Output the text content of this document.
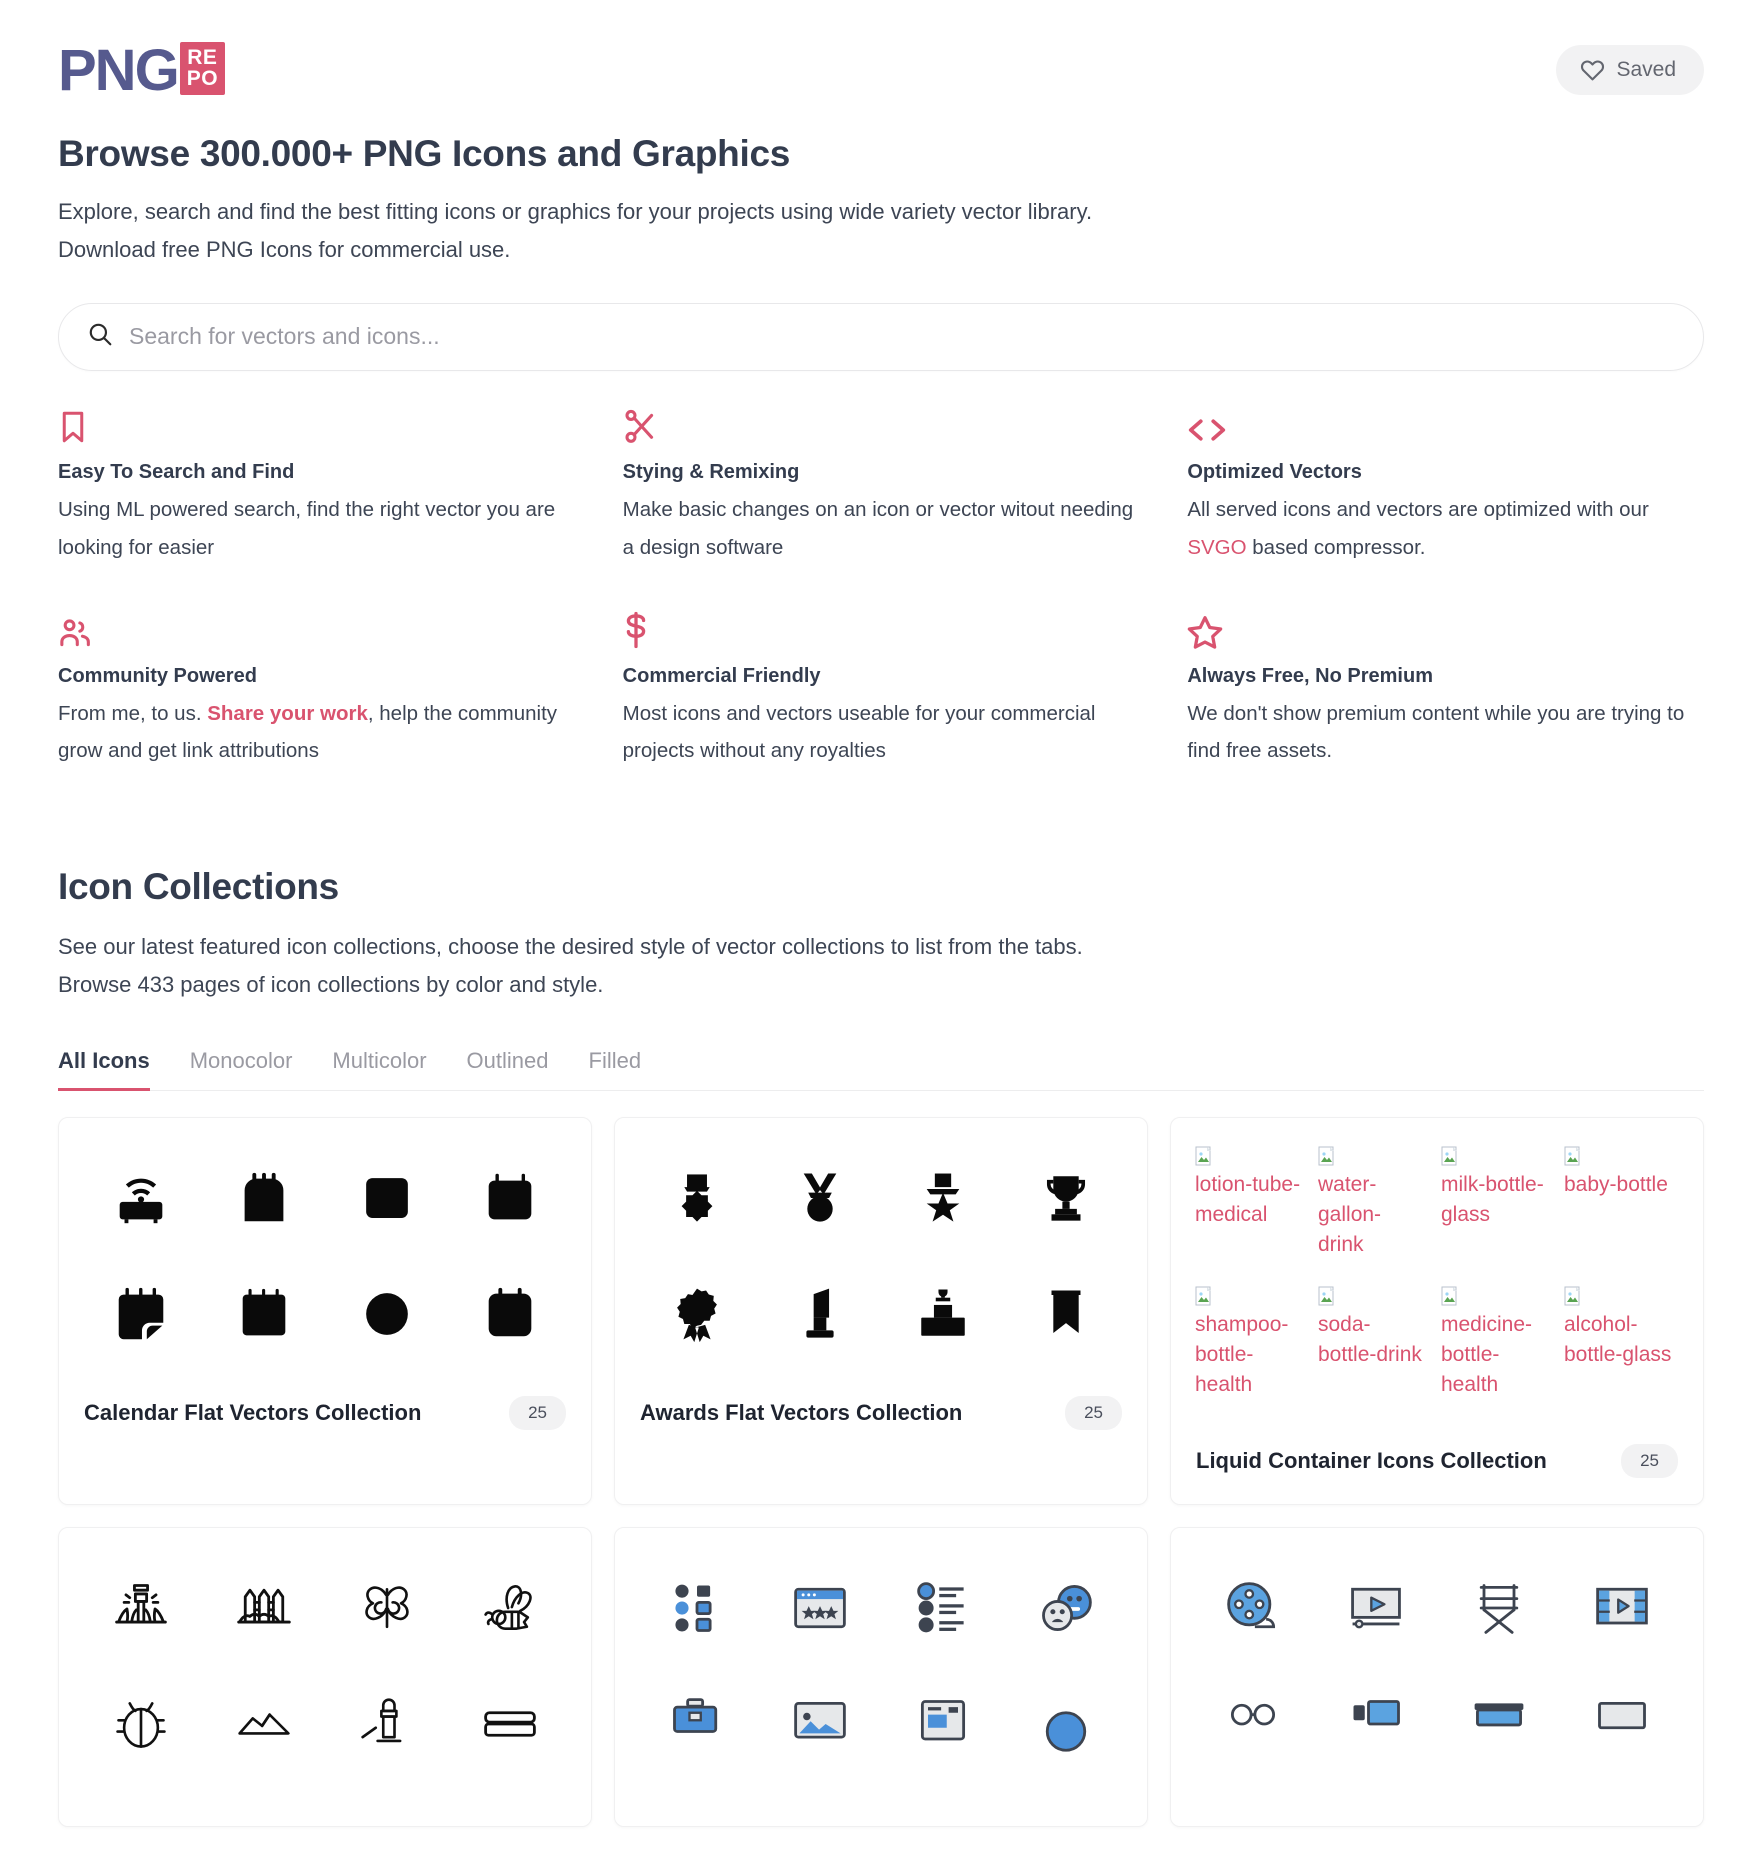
PNG RE
PO	Saved
Browse 300.000+ PNG Icons and Graphics

Explore, search and find the best fitting icons or graphics for your projects using wide variety vector library.

Download free PNG Icons for commercial use.

Search for vectors and icons...
Easy To Search and Find
Using ML powered search, find the right vector you are looking for easier
Stying & Remixing
Make basic changes on an icon or vector witout needing a design software
Optimized Vectors
All served icons and vectors are optimized with our SVGO based compressor.
Community Powered
From me, to us. Share your work, help the community grow and get link attributions
Commercial Friendly
Most icons and vectors useable for your commercial projects without any royalties
Always Free, No Premium
We don't show premium content while you are trying to find free assets.
Icon Collections

See our latest featured icon collections, choose the desired style of vector collections to list from the tabs.

Browse 433 pages of icon collections by color and style.

All Icons Monocolor Multicolor Outlined Filled
Calendar Flat Vectors Collection	25	Awards Flat Vectors Collection	25
lotion-tube-medical
water-gallon-drink
milk-bottle-glass
baby-bottle
shampoo-bottle-health
soda-bottle-drink
medicine-bottle-health
alcohol-bottle-glass
Liquid Container Icons Collection	25
